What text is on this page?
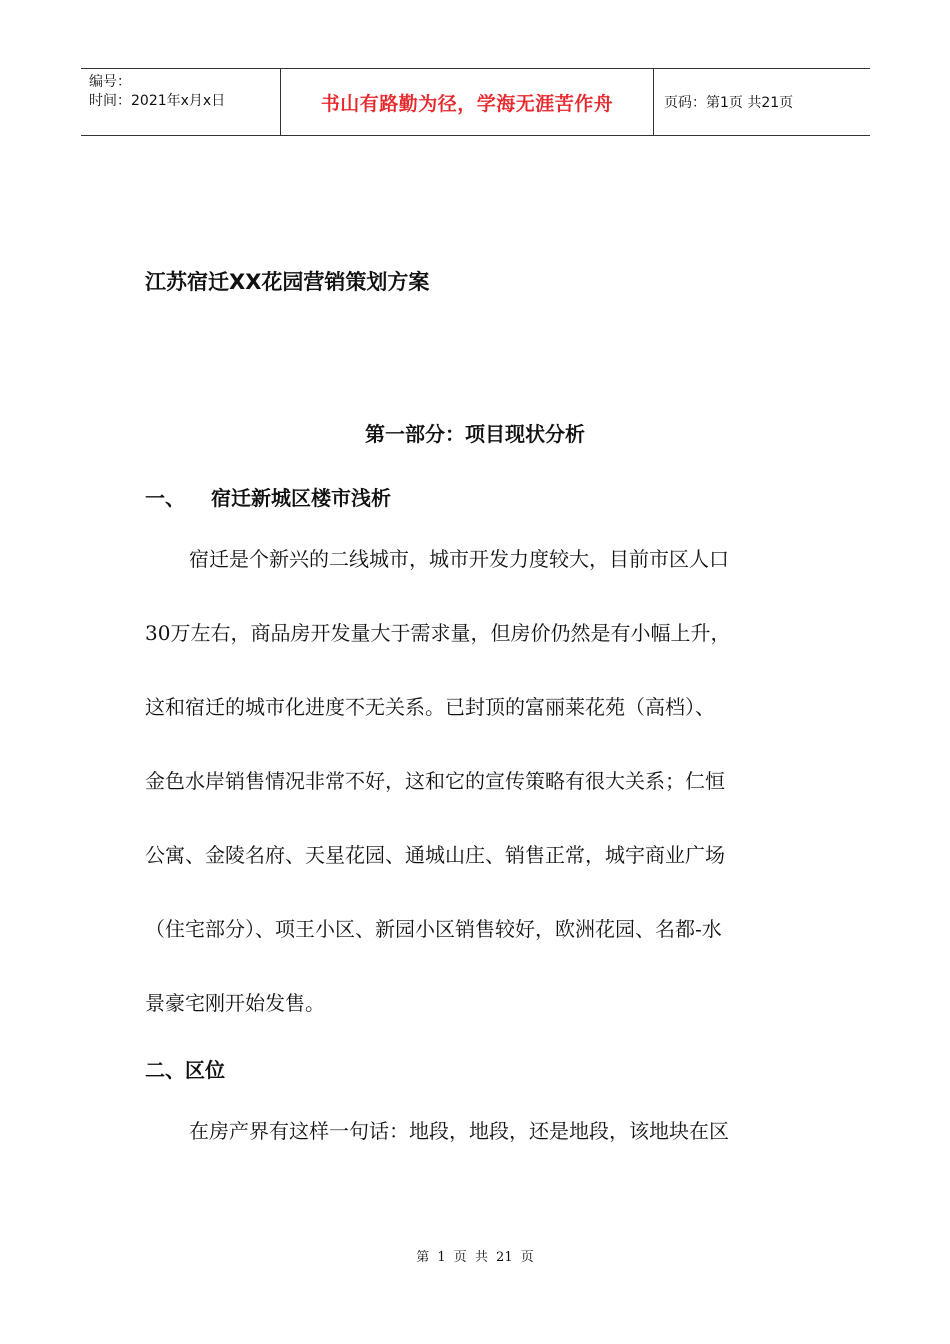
编号：
时间：2021年x月x日	书山有路勤为径，学海无涯苦作舟	页码：第1页 共21页
江苏宿迁XX花园营销策划方案
第一部分：项目现状分析
一、 宿迁新城区楼市浅析
宿迁是个新兴的二线城市，城市开发力度较大，目前市区人口
30万左右，商品房开发量大于需求量，但房价仍然是有小幅上升，
这和宿迁的城市化进度不无关系。已封顶的富丽莱花苑（高档）、
金色水岸销售情况非常不好，这和它的宣传策略有很大关系；仁恒
公寓、金陵名府、天星花园、通城山庄、销售正常，城宇商业广场
（住宅部分）、项王小区、新园小区销售较好，欧洲花园、名都-水
景豪宅刚开始发售。
二、区位
在房产界有这样一句话：地段，地段，还是地段，该地块在区
第 1 页 共 21 页
